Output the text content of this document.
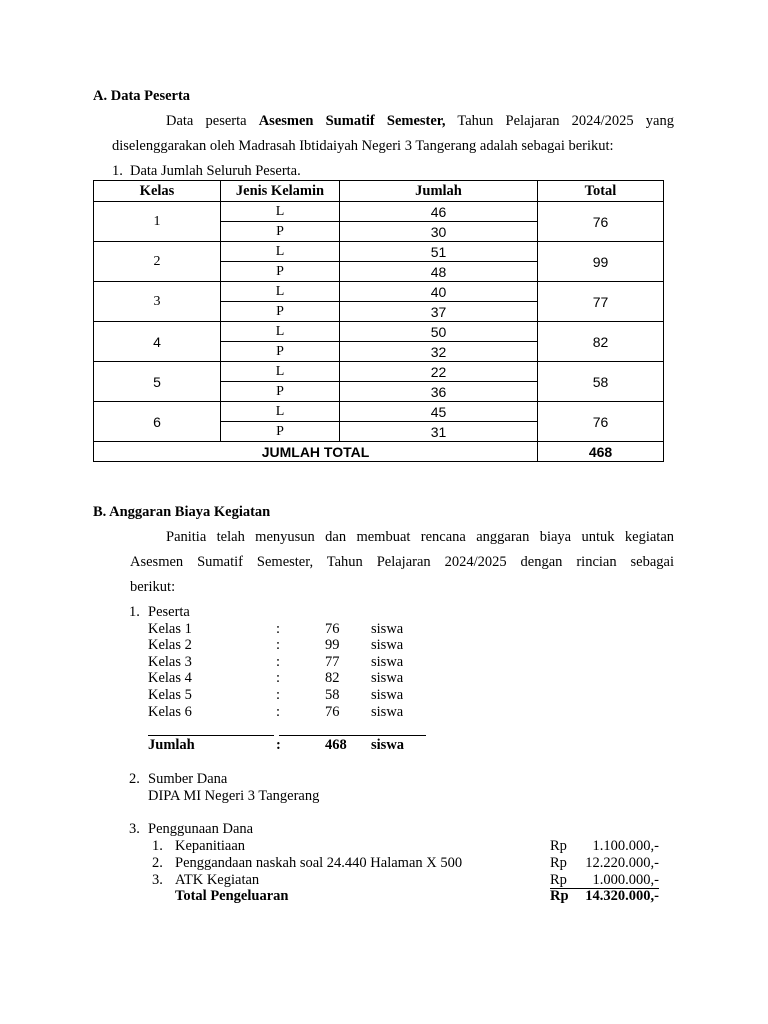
A. Data Peserta
Data peserta Asesmen Sumatif Semester, Tahun Pelajaran 2024/2025 yang
diselenggarakan oleh Madrasah Ibtidaiyah Negeri 3 Tangerang adalah sebagai berikut:
1. Data Jumlah Seluruh Peserta.
Kelas	Jenis Kelamin	Jumlah	Total
1	L	46	76
	P	30	
2	L	51	99
	P	48	
3	L	40	77
	P	37	
4	L	50	82
	P	32	
5	L	22	58
	P	36	
6	L	45	76
	P	31	
JUMLAH TOTAL			468
B. Anggaran Biaya Kegiatan
Panitia telah menyusun dan membuat rencana anggaran biaya untuk kegiatan
Asesmen Sumatif Semester, Tahun Pelajaran 2024/2025 dengan rincian sebagai
berikut:
1. Peserta
Kelas 1	:	76 siswa
Kelas 2	:	99 siswa
Kelas 3	:	77 siswa
Kelas 4	:	82 siswa
Kelas 5	:	58 siswa
Kelas 6	:	76 siswa
Jumlah	:	468 siswa
2. Sumber Dana
DIPA MI Negeri 3 Tangerang
3. Penggunaan Dana
1. Kepanitiaan	Rp	1.100.000,-
2. Penggandaan naskah soal 24.440 Halaman X 500	Rp	12.220.000,-
3. ATK Kegiatan	Rp	1.000.000,-
Total Pengeluaran	Rp	14.320.000,-
